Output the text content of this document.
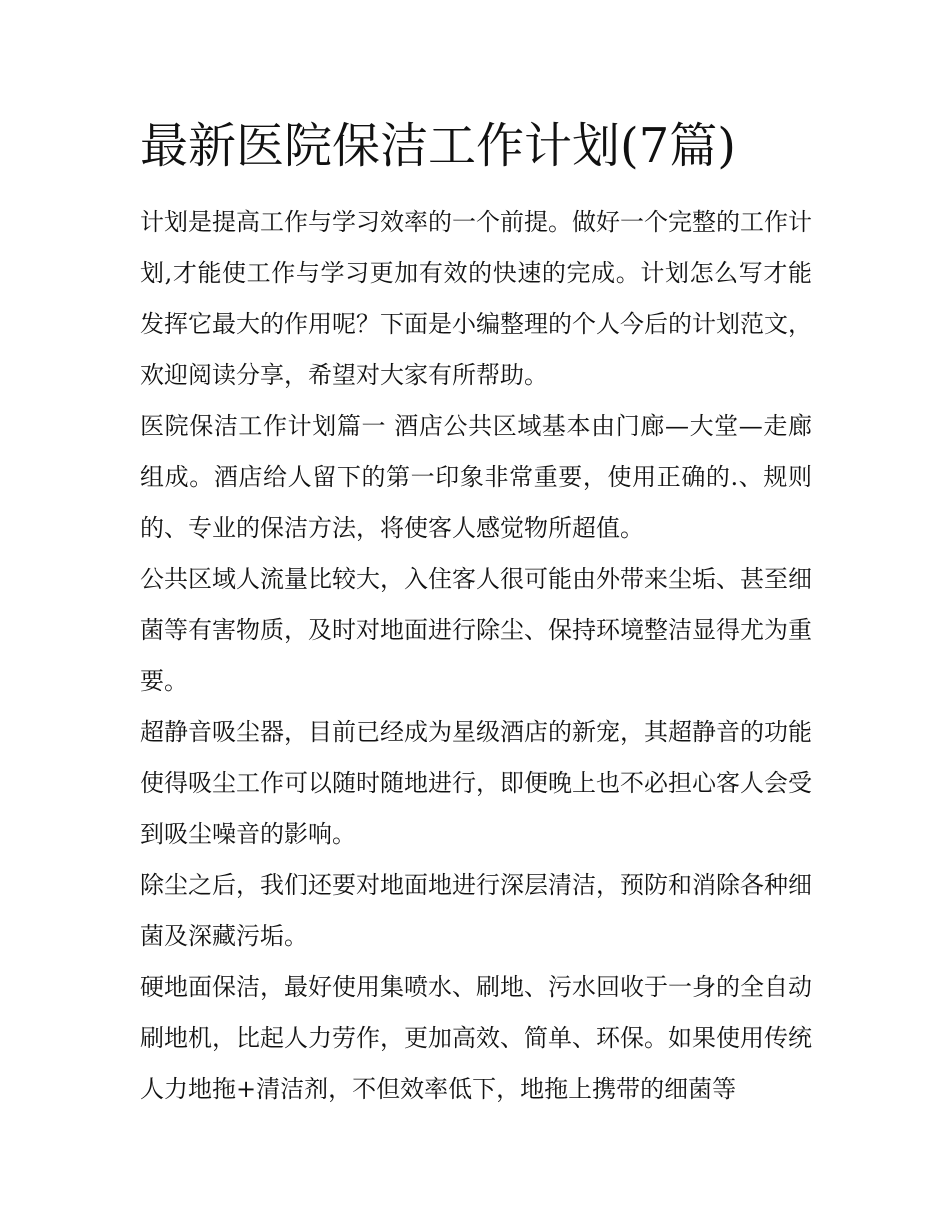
最新医院保洁工作计划(7篇)

计划是提高工作与学习效率的一个前提。做好一个完整的工作计划,才能使工作与学习更加有效的快速的完成。计划怎么写才能发挥它最大的作用呢？下面是小编整理的个人今后的计划范文，欢迎阅读分享，希望对大家有所帮助。

医院保洁工作计划篇一 酒店公共区域基本由门廊—大堂—走廊组成。酒店给人留下的第一印象非常重要，使用正确的.、规则的、专业的保洁方法，将使客人感觉物所超值。

公共区域人流量比较大，入住客人很可能由外带来尘垢、甚至细菌等有害物质，及时对地面进行除尘、保持环境整洁显得尤为重要。

超静音吸尘器，目前已经成为星级酒店的新宠，其超静音的功能使得吸尘工作可以随时随地进行，即便晚上也不必担心客人会受到吸尘噪音的影响。

除尘之后，我们还要对地面地进行深层清洁，预防和消除各种细菌及深藏污垢。

硬地面保洁，最好使用集喷水、刷地、污水回收于一身的全自动刷地机，比起人力劳作，更加高效、简单、环保。如果使用传统人力地拖+清洁剂，不但效率低下，地拖上携带的细菌等
